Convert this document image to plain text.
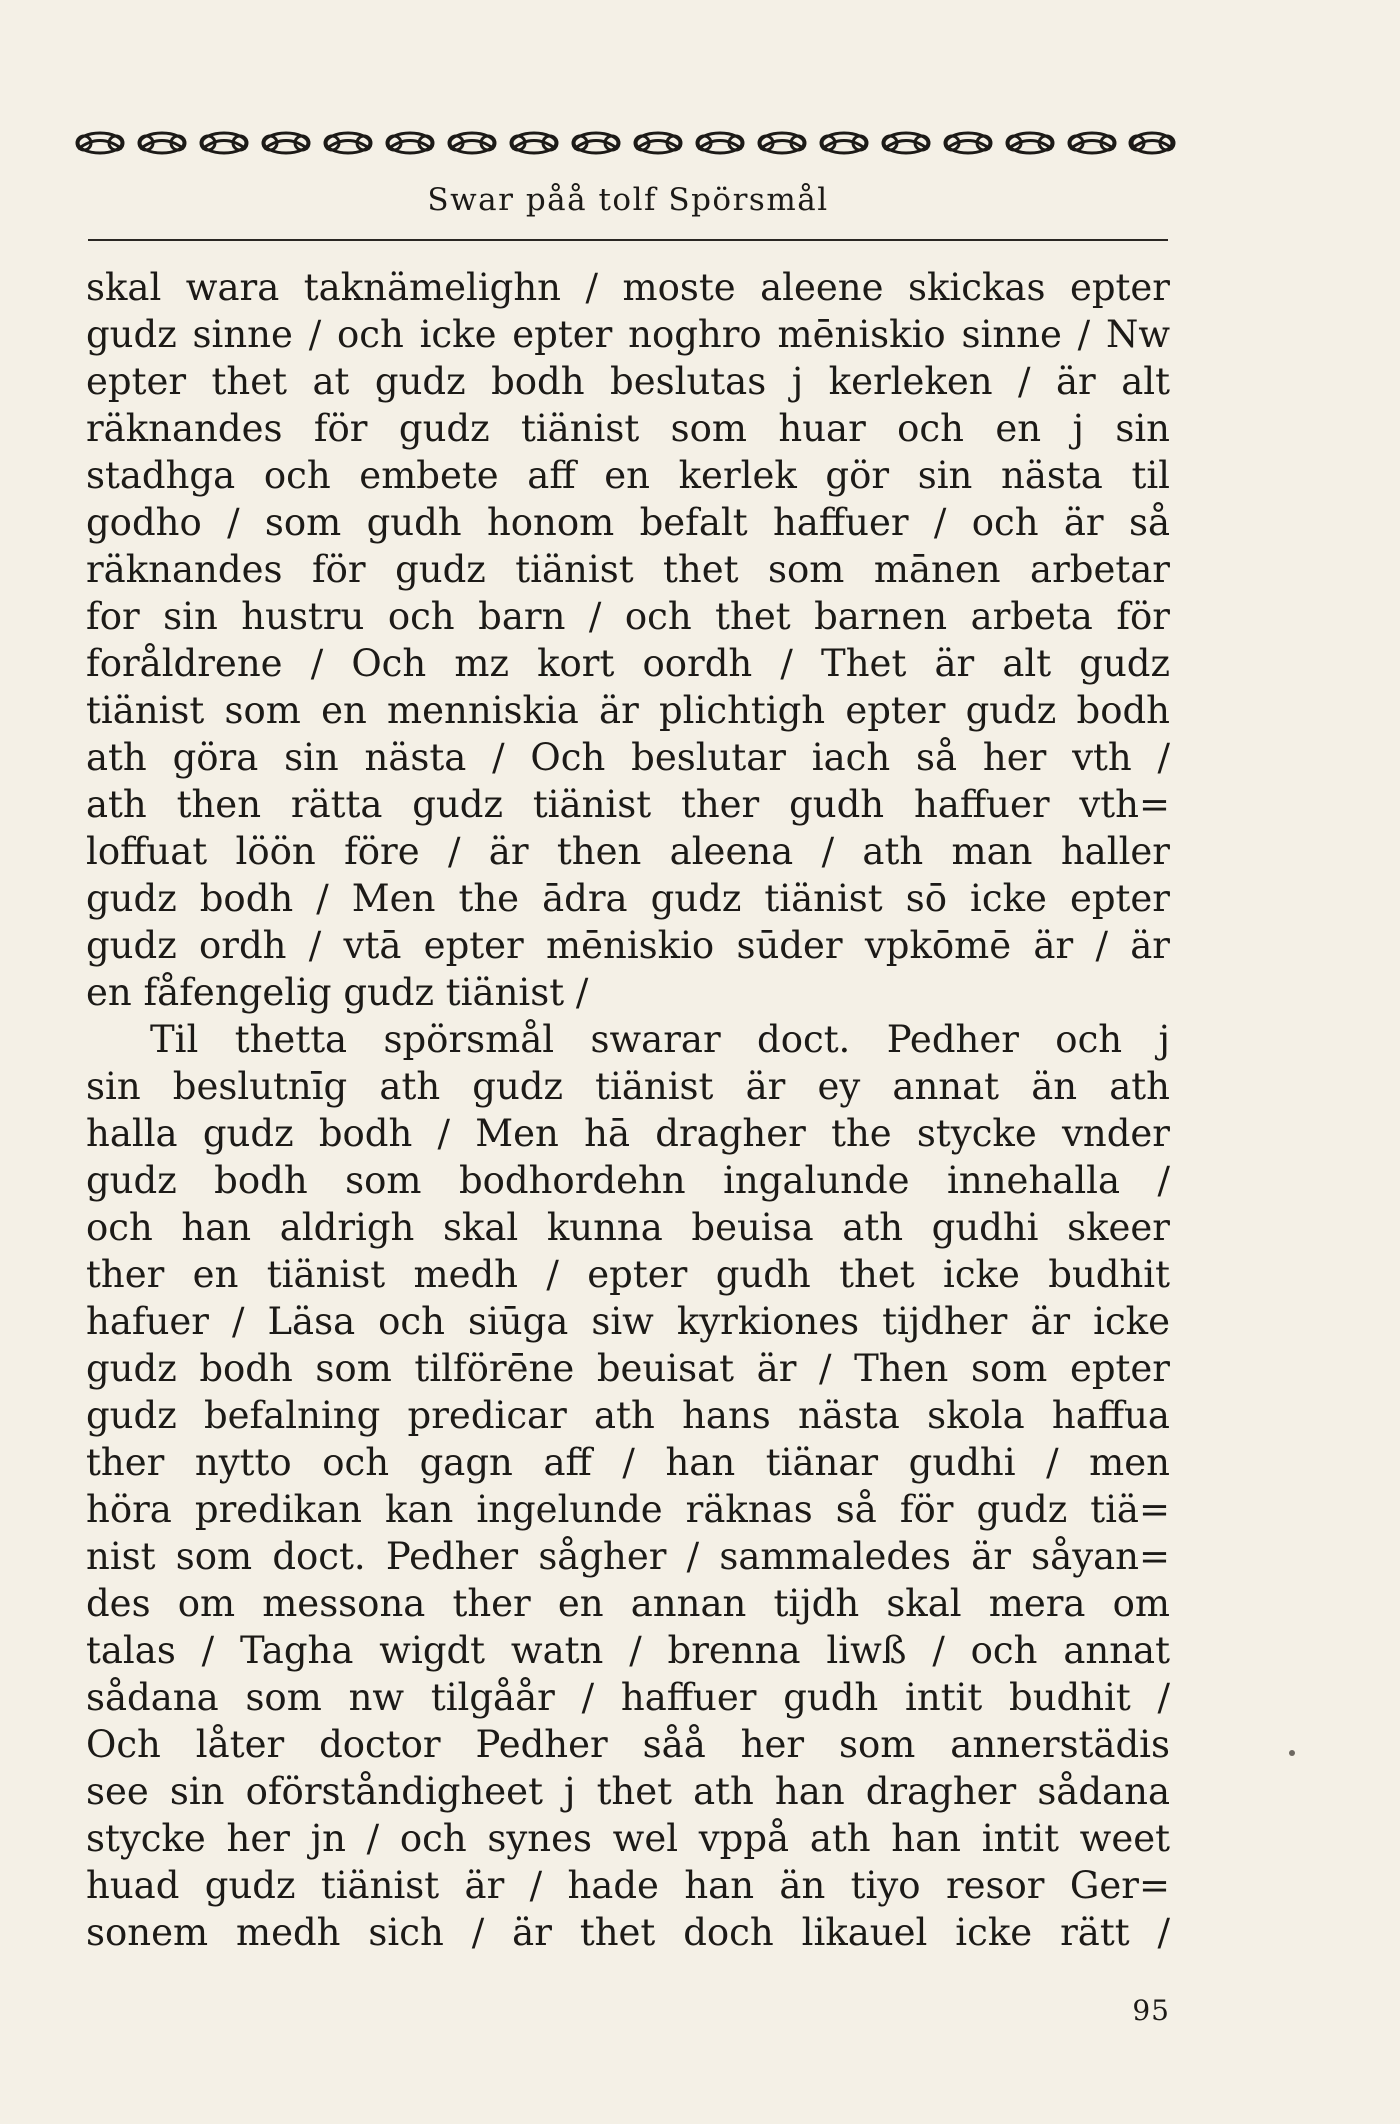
Swar påå tolf Spörsmål
skal wara taknämelighn / moste aleene skickas epter
gudz sinne / och icke epter noghro mēniskio sinne / Nw
epter thet at gudz bodh beslutas j kerleken / är alt
räknandes för gudz tiänist som huar och en j sin
stadhga och embete aff en kerlek gör sin nästa til
godho / som gudh honom befalt haffuer / och är så
räknandes för gudz tiänist thet som mānen arbetar
for sin hustru och barn / och thet barnen arbeta för
foråldrene / Och mz kort oordh / Thet är alt gudz
tiänist som en menniskia är plichtigh epter gudz bodh
ath göra sin nästa / Och beslutar iach så her vth /
ath then rätta gudz tiänist ther gudh haffuer vth=
loffuat löön före / är then aleena / ath man haller
gudz bodh / Men the ādra gudz tiänist sō icke epter
gudz ordh / vtā epter mēniskio sūder vpkōmē är / är
en fåfengelig gudz tiänist /
Til thetta spörsmål swarar doct. Pedher och j
sin beslutnīg ath gudz tiänist är ey annat än ath
halla gudz bodh / Men hā dragher the stycke vnder
gudz bodh som bodhordehn ingalunde innehalla /
och han aldrigh skal kunna beuisa ath gudhi skeer
ther en tiänist medh / epter gudh thet icke budhit
hafuer / Läsa och siūga siw kyrkiones tijdher är icke
gudz bodh som tilförēne beuisat är / Then som epter
gudz befalning predicar ath hans nästa skola haffua
ther nytto och gagn aff / han tiänar gudhi / men
höra predikan kan ingelunde räknas så för gudz tiä=
nist som doct. Pedher sågher / sammaledes är såyan=
des om messona ther en annan tijdh skal mera om
talas / Tagha wigdt watn / brenna liwß / och annat
sådana som nw tilgåår / haffuer gudh intit budhit /
Och låter doctor Pedher såå her som annerstädis
see sin oförståndigheet j thet ath han dragher sådana
stycke her jn / och synes wel vppå ath han intit weet
huad gudz tiänist är / hade han än tiyo resor Ger=
sonem medh sich / är thet doch likauel icke rätt /
95
